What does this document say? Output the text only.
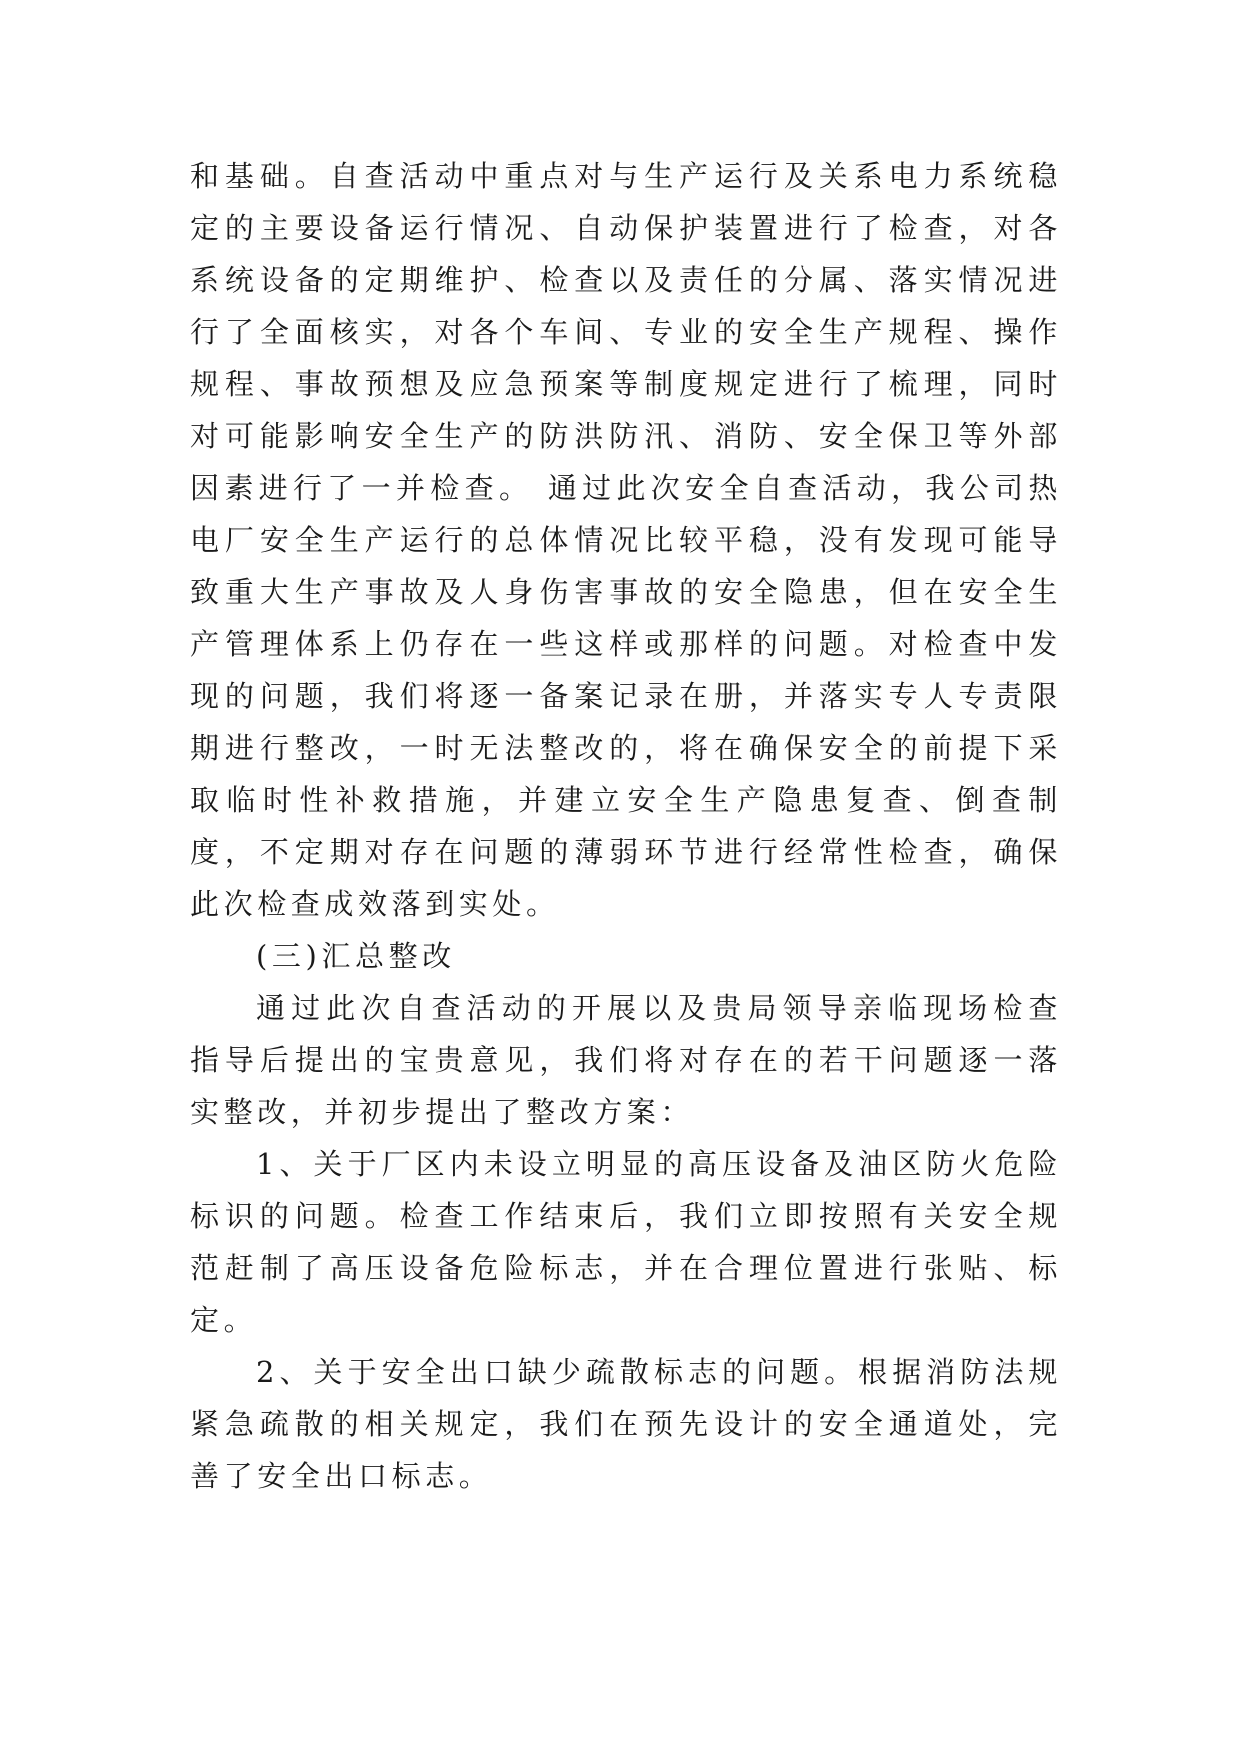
和基础。自查活动中重点对与生产运行及关系电力系统稳定的主要设备运行情况、自动保护装置进行了检查，对各系统设备的定期维护、检查以及责任的分属、落实情况进行了全面核实，对各个车间、专业的安全生产规程、操作规程、事故预想及应急预案等制度规定进行了梳理，同时对可能影响安全生产的防洪防汛、消防、安全保卫等外部因素进行了一并检查。 通过此次安全自查活动，我公司热电厂安全生产运行的总体情况比较平稳，没有发现可能导致重大生产事故及人身伤害事故的安全隐患，但在安全生产管理体系上仍存在一些这样或那样的问题。对检查中发现的问题，我们将逐一备案记录在册，并落实专人专责限期进行整改，一时无法整改的，将在确保安全的前提下采取临时性补救措施，并建立安全生产隐患复查、倒查制度，不定期对存在问题的薄弱环节进行经常性检查，确保此次检查成效落到实处。

(三)汇总整改

通过此次自查活动的开展以及贵局领导亲临现场检查指导后提出的宝贵意见，我们将对存在的若干问题逐一落实整改，并初步提出了整改方案：

1、关于厂区内未设立明显的高压设备及油区防火危险标识的问题。检查工作结束后，我们立即按照有关安全规范赶制了高压设备危险标志，并在合理位置进行张贴、标定。

2、关于安全出口缺少疏散标志的问题。根据消防法规紧急疏散的相关规定，我们在预先设计的安全通道处，完善了安全出口标志。
